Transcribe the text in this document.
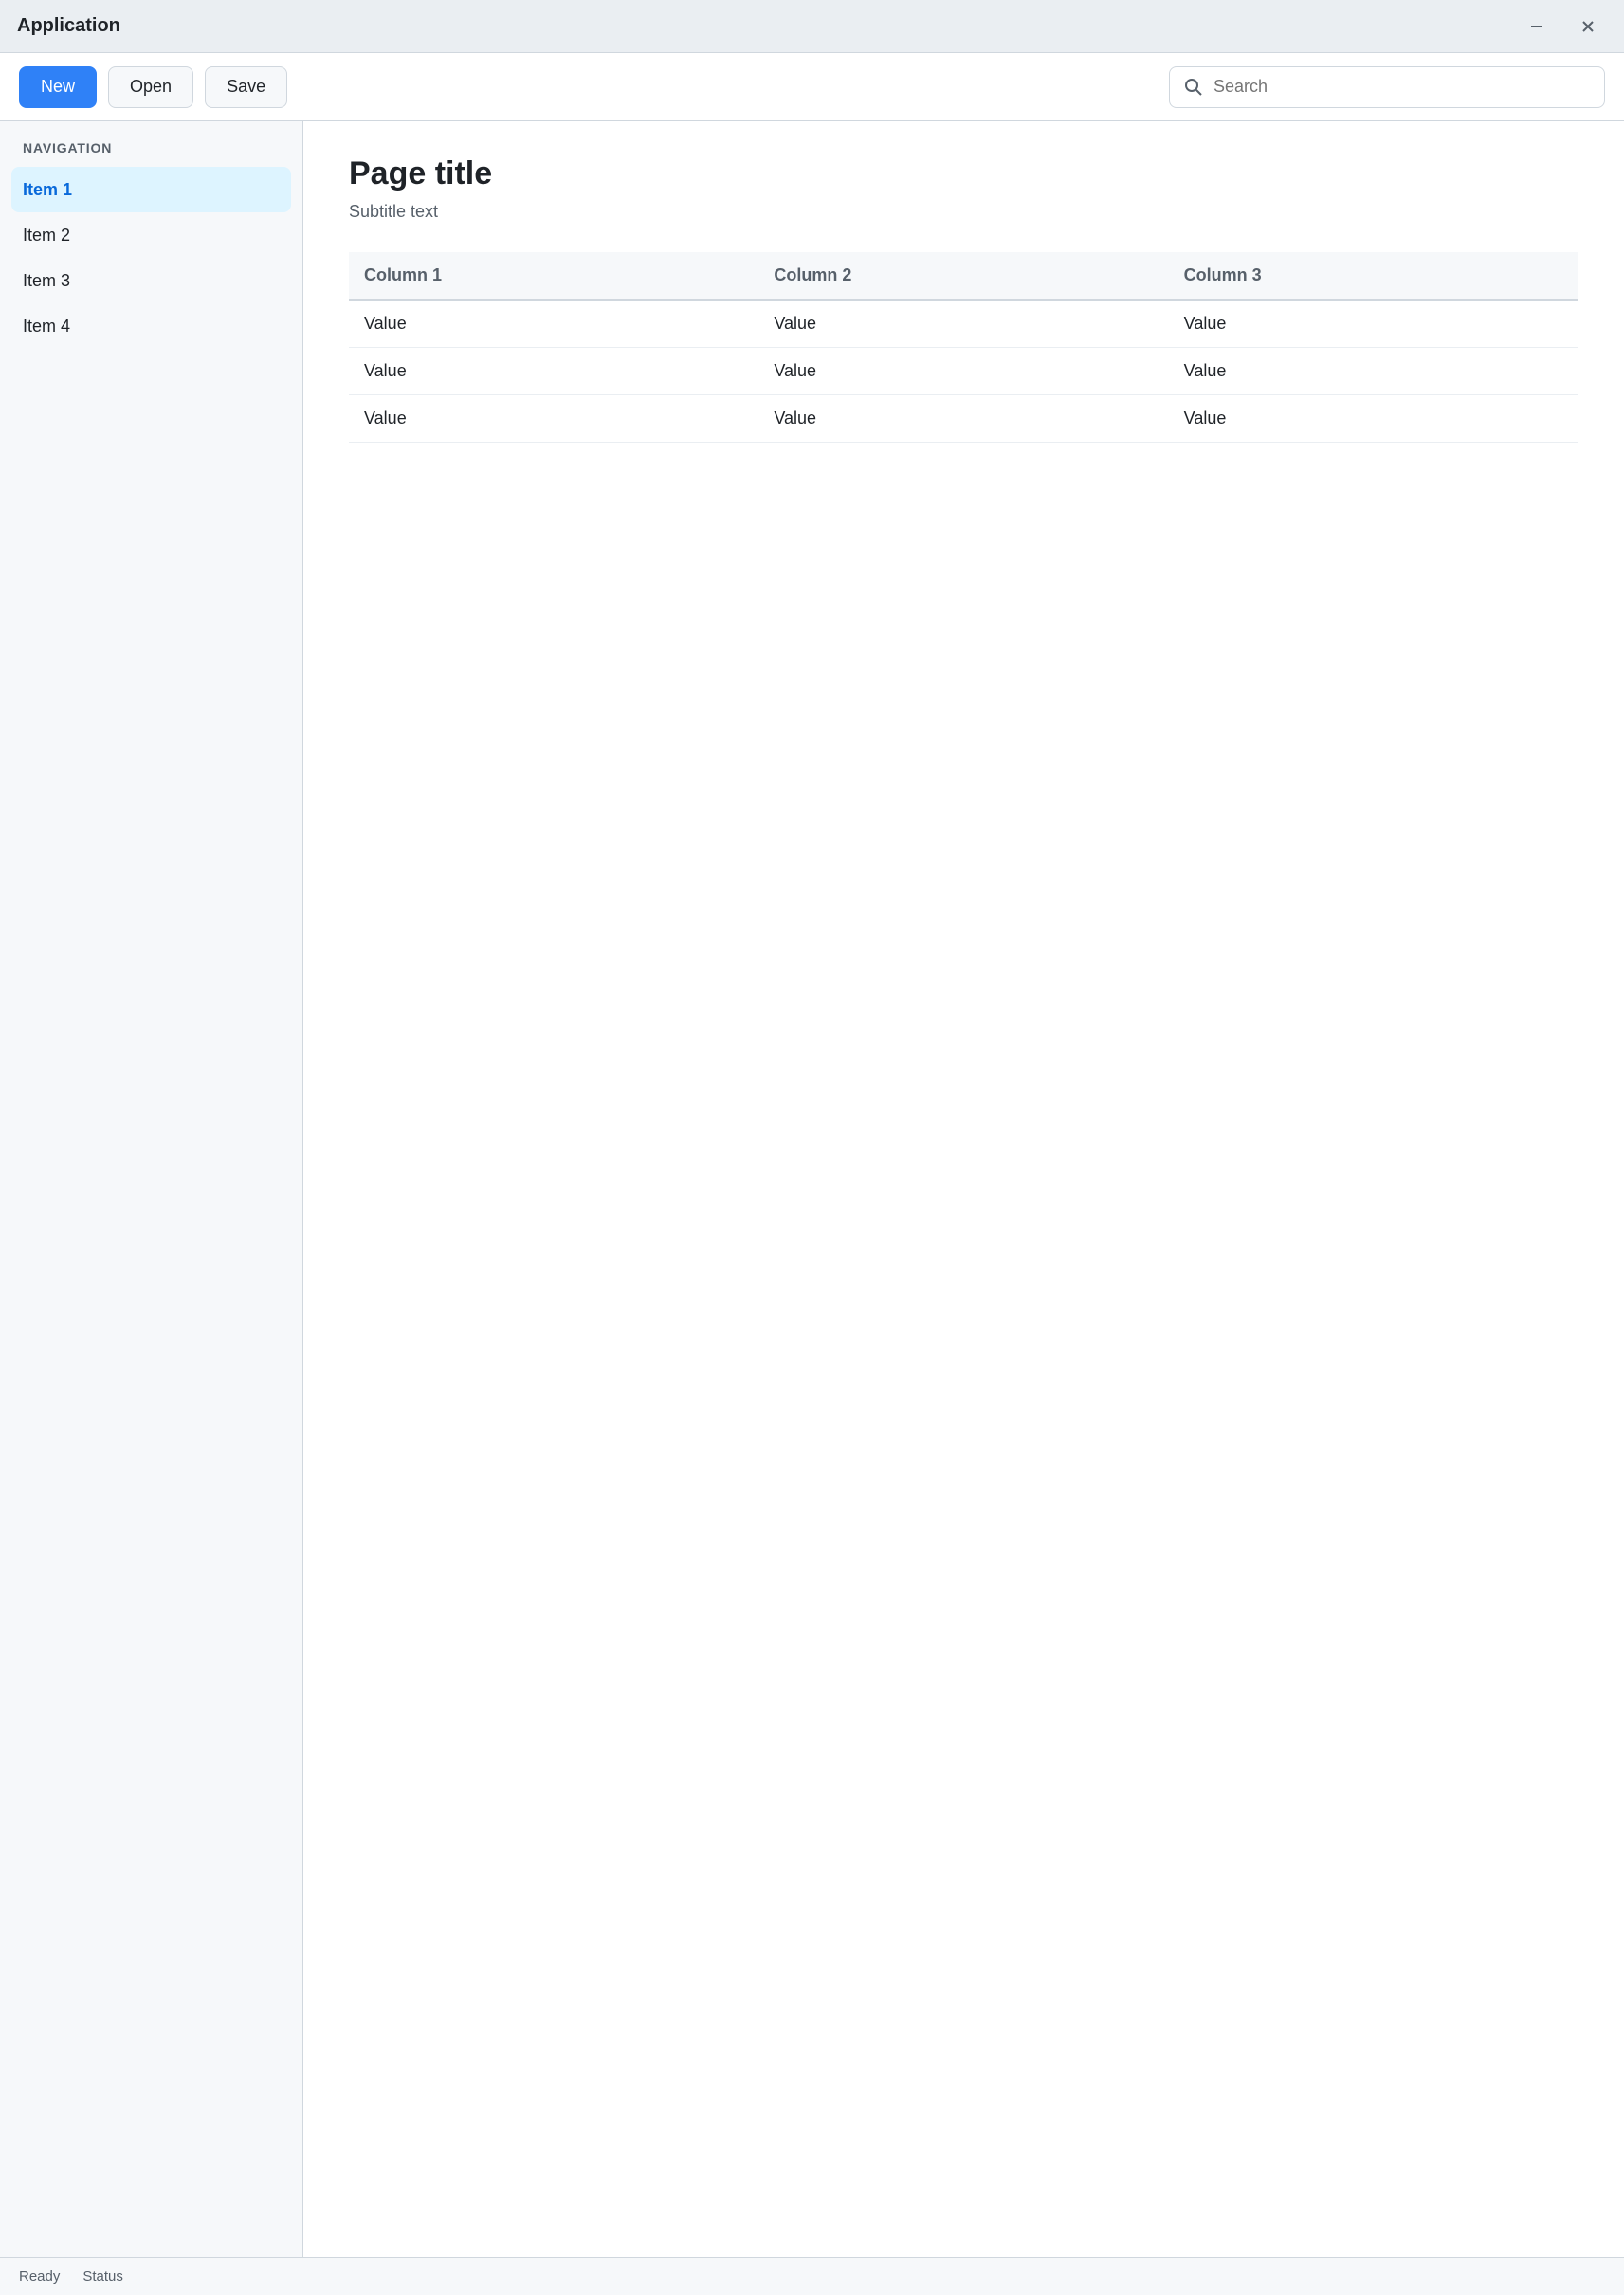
Application
New	Open	Save
Search
NAVIGATION
Item 1
Item 2
Item 3
Item 4
Page title

Subtitle text

Column 1	Column 2	Column 3
Value	Value	Value
Value	Value	Value
Value	Value	Value
Ready Status
